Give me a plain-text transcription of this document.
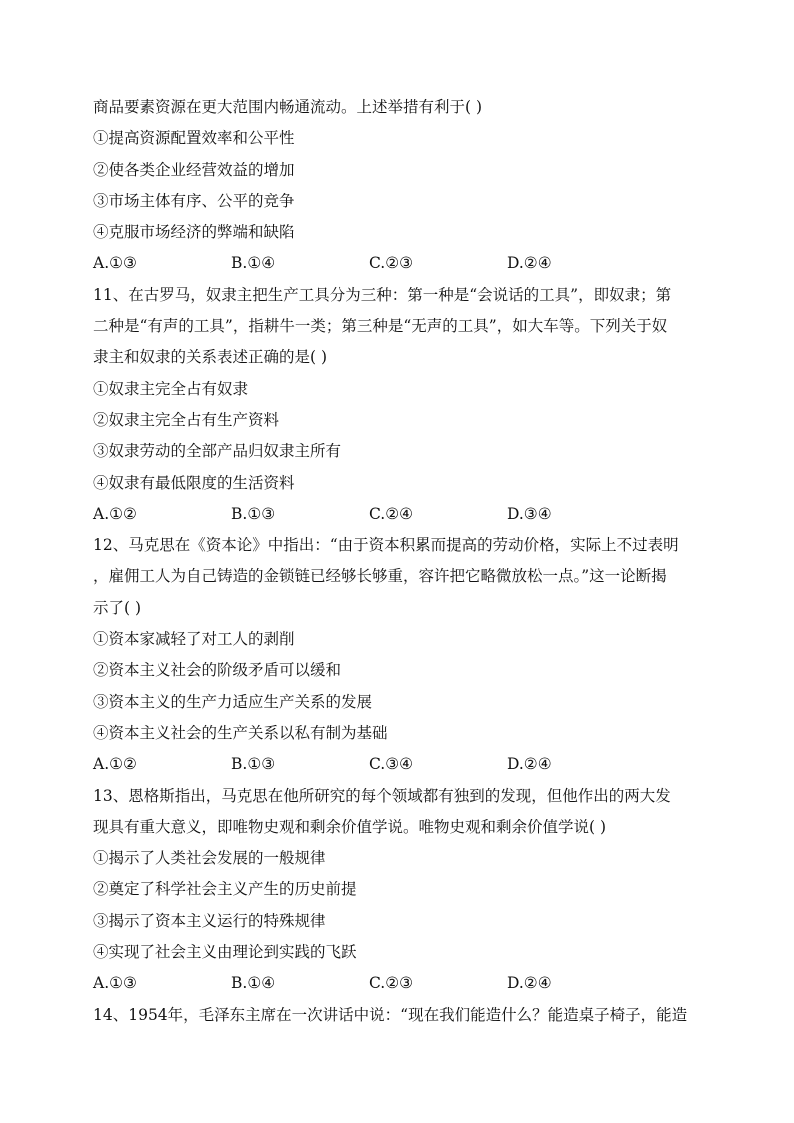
商品要素资源在更大范围内畅通流动。上述举措有利于( )
①提高资源配置效率和公平性
②使各类企业经营效益的增加
③市场主体有序、公平的竞争
④克服市场经济的弊端和缺陷
A.①③	B.①④	C.②③	D.②④
11、在古罗马，奴隶主把生产工具分为三种：第一种是“会说话的工具”，即奴隶；第
二种是“有声的工具”，指耕牛一类；第三种是“无声的工具”，如大车等。下列关于奴
隶主和奴隶的关系表述正确的是( )
①奴隶主完全占有奴隶
②奴隶主完全占有生产资料
③奴隶劳动的全部产品归奴隶主所有
④奴隶有最低限度的生活资料
A.①②	B.①③	C.②④	D.③④
12、马克思在《资本论》中指出：“由于资本积累而提高的劳动价格，实际上不过表明
，雇佣工人为自己铸造的金锁链已经够长够重，容许把它略微放松一点。”这一论断揭
示了( )
①资本家减轻了对工人的剥削
②资本主义社会的阶级矛盾可以缓和
③资本主义的生产力适应生产关系的发展
④资本主义社会的生产关系以私有制为基础
A.①②	B.①③	C.③④	D.②④
13、恩格斯指出，马克思在他所研究的每个领域都有独到的发现，但他作出的两大发
现具有重大意义，即唯物史观和剩余价值学说。唯物史观和剩余价值学说( )
①揭示了人类社会发展的一般规律
②奠定了科学社会主义产生的历史前提
③揭示了资本主义运行的特殊规律
④实现了社会主义由理论到实践的飞跃
A.①③	B.①④	C.②③	D.②④
14、1954年，毛泽东主席在一次讲话中说：“现在我们能造什么？能造桌子椅子，能造
